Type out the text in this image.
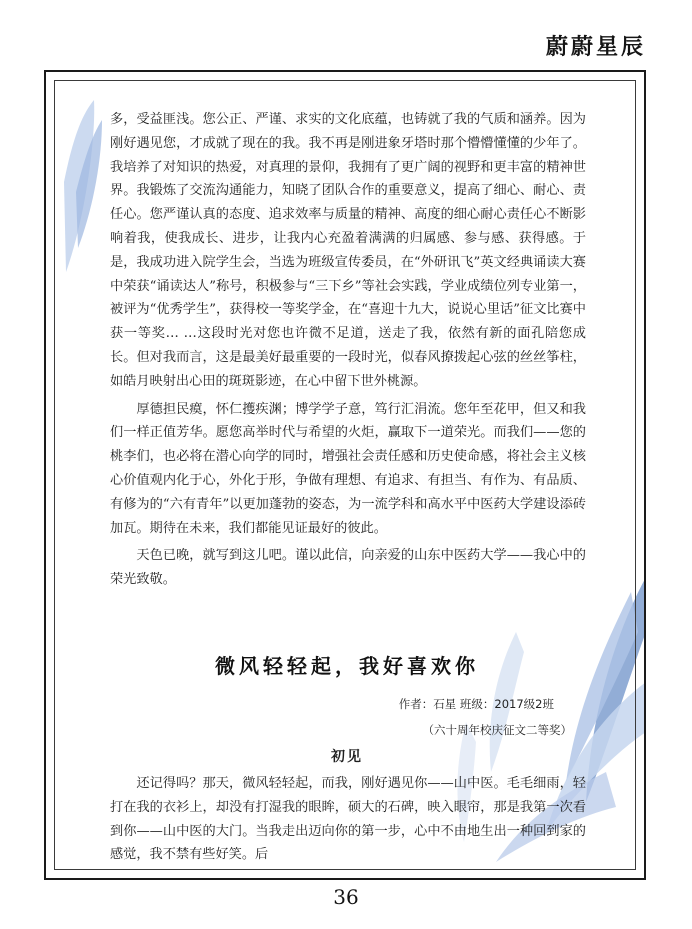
蔚蔚星辰

多，受益匪浅。您公正、严谨、求实的文化底蕴，也铸就了我的气质和涵养。因为刚好遇见您，才成就了现在的我。我不再是刚进象牙塔时那个懵懵懂懂的少年了。我培养了对知识的热爱，对真理的景仰，我拥有了更广阔的视野和更丰富的精神世界。我锻炼了交流沟通能力，知晓了团队合作的重要意义，提高了细心、耐心、责任心。您严谨认真的态度、追求效率与质量的精神、高度的细心耐心责任心不断影响着我，使我成长、进步，让我内心充盈着满满的归属感、参与感、获得感。于是，我成功进入院学生会，当选为班级宣传委员，在“外研讯飞”英文经典诵读大赛中荣获“诵读达人”称号，积极参与“三下乡”等社会实践，学业成绩位列专业第一，被评为“优秀学生”，获得校一等奖学金，在“喜迎十九大，说说心里话”征文比赛中获一等奖… …这段时光对您也许微不足道，送走了我，依然有新的面孔陪您成长。但对我而言，这是最美好最重要的一段时光，似春风撩拨起心弦的丝丝筝柱，如皓月映射出心田的斑斑影迹，在心中留下世外桃源。

厚德担民瘼，怀仁擭疾渊；博学学子意，笃行汇涓流。您年至花甲，但又和我们一样正值芳华。愿您高举时代与希望的火炬，赢取下一道荣光。而我们——您的桃李们，也必将在潜心向学的同时，增强社会责任感和历史使命感，将社会主义核心价值观内化于心，外化于形，争做有理想、有追求、有担当、有作为、有品质、有修为的“六有青年”以更加蓬勃的姿态，为一流学科和高水平中医药大学建设添砖加瓦。期待在未来，我们都能见证最好的彼此。

天色已晚，就写到这儿吧。谨以此信，向亲爱的山东中医药大学——我心中的荣光致敬。

微风轻轻起，我好喜欢你
作者：石星 班级：2017级2班
（六十周年校庆征文二等奖）
初见

还记得吗？那天，微风轻轻起，而我，刚好遇见你——山中医。毛毛细雨，轻打在我的衣衫上，却没有打湿我的眼眸，硕大的石碑，映入眼帘，那是我第一次看到你——山中医的大门。当我走出迈向你的第一步，心中不由地生出一种回到家的感觉，我不禁有些好笑。后

36
